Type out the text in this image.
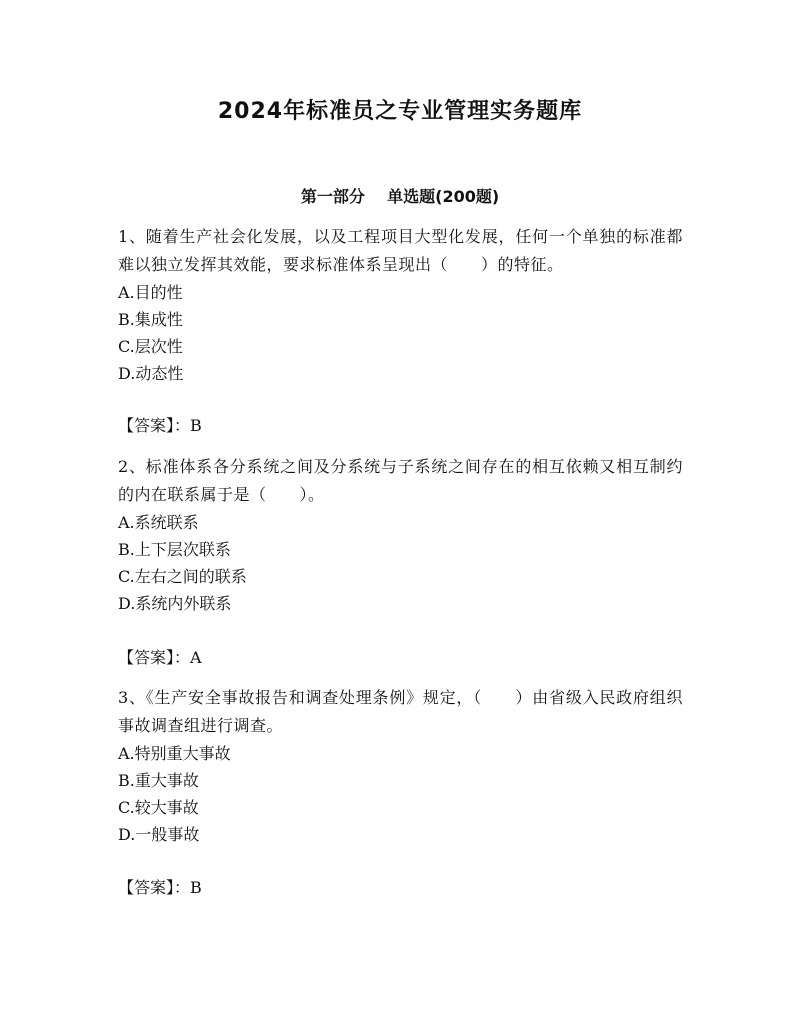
2024年标准员之专业管理实务题库
第一部分    单选题(200题)

1、随着生产社会化发展，以及工程项目大型化发展，任何一个单独的标准都难以独立发挥其效能，要求标准体系呈现出（　　）的特征。

A.目的性

B.集成性

C.层次性

D.动态性

【答案】：B

2、标准体系各分系统之间及分系统与子系统之间存在的相互依赖又相互制约的内在联系属于是（　　）。

A.系统联系

B.上下层次联系

C.左右之间的联系

D.系统内外联系

【答案】：A

3、《生产安全事故报告和调查处理条例》规定，（　　）由省级入民政府组织事故调查组进行调查。

A.特别重大事故

B.重大事故

C.较大事故

D.一般事故

【答案】：B
